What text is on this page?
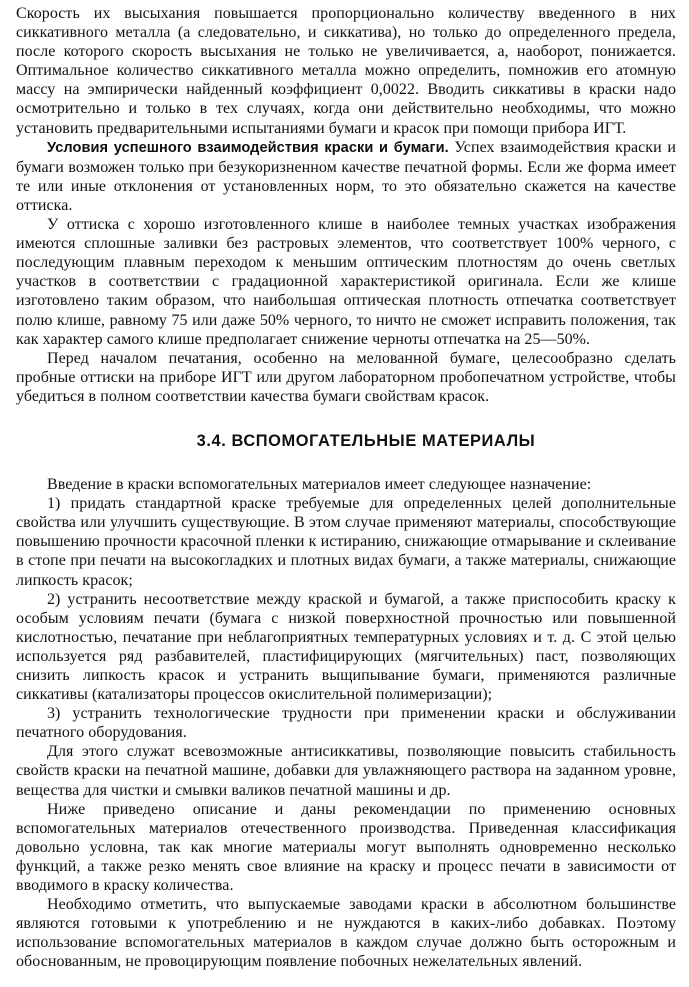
Скорость их высыхания повышается пропорционально количеству введенного в них сиккативного металла (а следовательно, и сиккатива), но только до определенного предела, после которого скорость высыхания не только не увеличивается, а, наоборот, понижается. Оптимальное количество сиккативного металла можно определить, помножив его атомную массу на эмпирически найденный коэффициент 0,0022. Вводить сиккативы в краски надо осмотрительно и только в тех случаях, когда они действительно необходимы, что можно установить предварительными испытаниями бумаги и красок при помощи прибора ИГТ.

Условия успешного взаимодействия краски и бумаги. Успех взаимодействия краски и бумаги возможен только при безукоризненном качестве печатной формы. Если же форма имеет те или иные отклонения от установленных норм, то это обязательно скажется на качестве оттиска.

У оттиска с хорошо изготовленного клише в наиболее темных участках изображения имеются сплошные заливки без растровых элементов, что соответствует 100% черного, с последующим плавным переходом к меньшим оптическим плотностям до очень светлых участков в соответствии с градационной характеристикой оригинала. Если же клише изготовлено таким образом, что наибольшая оптическая плотность отпечатка соответствует полю клише, равному 75 или даже 50% черного, то ничто не сможет исправить положения, так как характер самого клише предполагает снижение черноты отпечатка на 25—50%.

Перед началом печатания, особенно на мелованной бумаге, целесообразно сделать пробные оттиски на приборе ИГТ или другом лабораторном пробопечатном устройстве, чтобы убедиться в полном соответствии качества бумаги свойствам красок.

3.4. ВСПОМОГАТЕЛЬНЫЕ МАТЕРИАЛЫ

Введение в краски вспомогательных материалов имеет следующее назначение:

1) придать стандартной краске требуемые для определенных целей дополнительные свойства или улучшить существующие. В этом случае применяют материалы, способствующие повышению прочности красочной пленки к истиранию, снижающие отмарывание и склеивание в стопе при печати на высокогладких и плотных видах бумаги, а также материалы, снижающие липкость красок;

2) устранить несоответствие между краской и бумагой, а также приспособить краску к особым условиям печати (бумага с низкой поверхностной прочностью или повышенной кислотностью, печатание при неблагоприятных температурных условиях и т. д. С этой целью используется ряд разбавителей, пластифицирующих (мягчительных) паст, позволяющих снизить липкость красок и устранить выщипывание бумаги, применяются различные сиккативы (катализаторы процессов окислительной полимеризации);

3) устранить технологические трудности при применении краски и обслуживании печатного оборудования.

Для этого служат всевозможные антисиккативы, позволяющие повысить стабильность свойств краски на печатной машине, добавки для увлажняющего раствора на заданном уровне, вещества для чистки и смывки валиков печатной машины и др.

Ниже приведено описание и даны рекомендации по применению основных вспомогательных материалов отечественного производства. Приведенная классификация довольно условна, так как многие материалы могут выполнять одновременно несколько функций, а также резко менять свое влияние на краску и процесс печати в зависимости от вводимого в краску количества.

Необходимо отметить, что выпускаемые заводами краски в абсолютном большинстве являются готовыми к употреблению и не нуждаются в каких-либо добавках. Поэтому использование вспомогательных материалов в каждом случае должно быть осторожным и обоснованным, не провоцирующим появление побочных нежелательных явлений.
